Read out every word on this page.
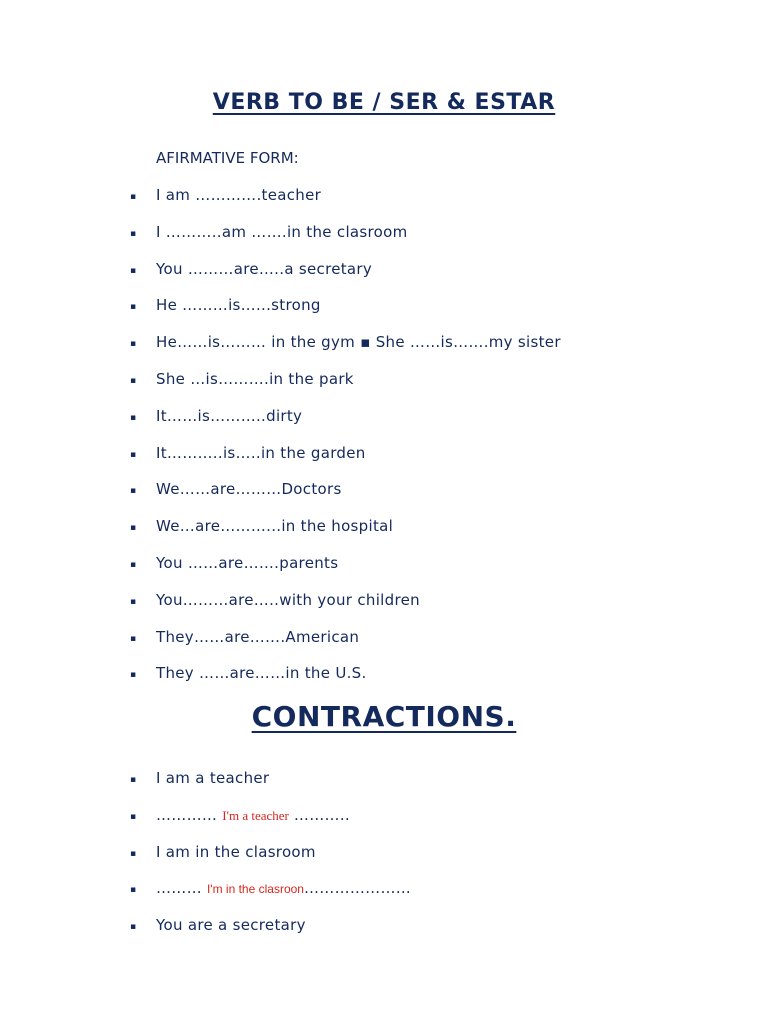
VERB TO BE / SER & ESTAR

AFIRMATIVE FORM:

▪ I am ………….teacher
▪ I ………..am …….in the clasroom
▪ You ………are…..a secretary
▪ He ………is…...strong
▪ He……is……… in the gym ▪ She ……is…….my sister
▪ She …is……….in the park
▪ It……is………..dirty
▪ It………..is…..in the garden
▪ We……are………Doctors
▪ We…are………...in the hospital
▪ You ……are…….parents
▪ You………are…..with your children
▪ They……are…….American
▪ They ……are……in the U.S.
CONTRACTIONS.
▪ I am a teacher
▪ ………… I'm a teacher ………..
▪ I am in the clasroom
▪ ……… I'm in the clasroon…………………
▪ You are a secretary
